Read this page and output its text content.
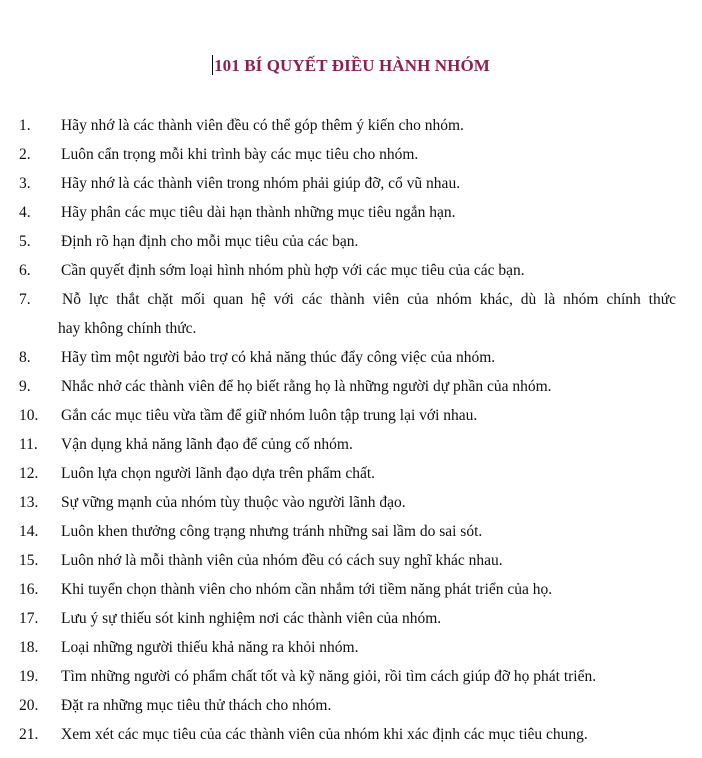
101 BÍ QUYẾT ĐIỀU HÀNH NHÓM
1. Hãy nhớ là các thành viên đều có thể góp thêm ý kiến cho nhóm.
2. Luôn cẩn trọng mỗi khi trình bày các mục tiêu cho nhóm.
3. Hãy nhớ là các thành viên trong nhóm phải giúp đỡ, cổ vũ nhau.
4. Hãy phân các mục tiêu dài hạn thành những mục tiêu ngắn hạn.
5. Định rõ hạn định cho mỗi mục tiêu của các bạn.
6. Cần quyết định sớm loại hình nhóm phù hợp với các mục tiêu của các bạn.
7. Nỗ lực thắt chặt mối quan hệ với các thành viên của nhóm khác, dù là nhóm chính thức
hay không chính thức.
8. Hãy tìm một người bảo trợ có khả năng thúc đẩy công việc của nhóm.
9. Nhắc nhở các thành viên để họ biết rằng họ là những người dự phần của nhóm.
10. Gắn các mục tiêu vừa tầm để giữ nhóm luôn tập trung lại với nhau.
11. Vận dụng khả năng lãnh đạo để củng cố nhóm.
12. Luôn lựa chọn người lãnh đạo dựa trên phẩm chất.
13. Sự vững mạnh của nhóm tùy thuộc vào người lãnh đạo.
14. Luôn khen thưởng công trạng nhưng tránh những sai lầm do sai sót.
15. Luôn nhớ là mỗi thành viên của nhóm đều có cách suy nghĩ khác nhau.
16. Khi tuyển chọn thành viên cho nhóm cần nhắm tới tiềm năng phát triển của họ.
17. Lưu ý sự thiếu sót kinh nghiệm nơi các thành viên của nhóm.
18. Loại những người thiếu khả năng ra khỏi nhóm.
19. Tìm những người có phẩm chất tốt và kỹ năng giỏi, rồi tìm cách giúp đỡ họ phát triển.
20. Đặt ra những mục tiêu thử thách cho nhóm.
21. Xem xét các mục tiêu của các thành viên của nhóm khi xác định các mục tiêu chung.
